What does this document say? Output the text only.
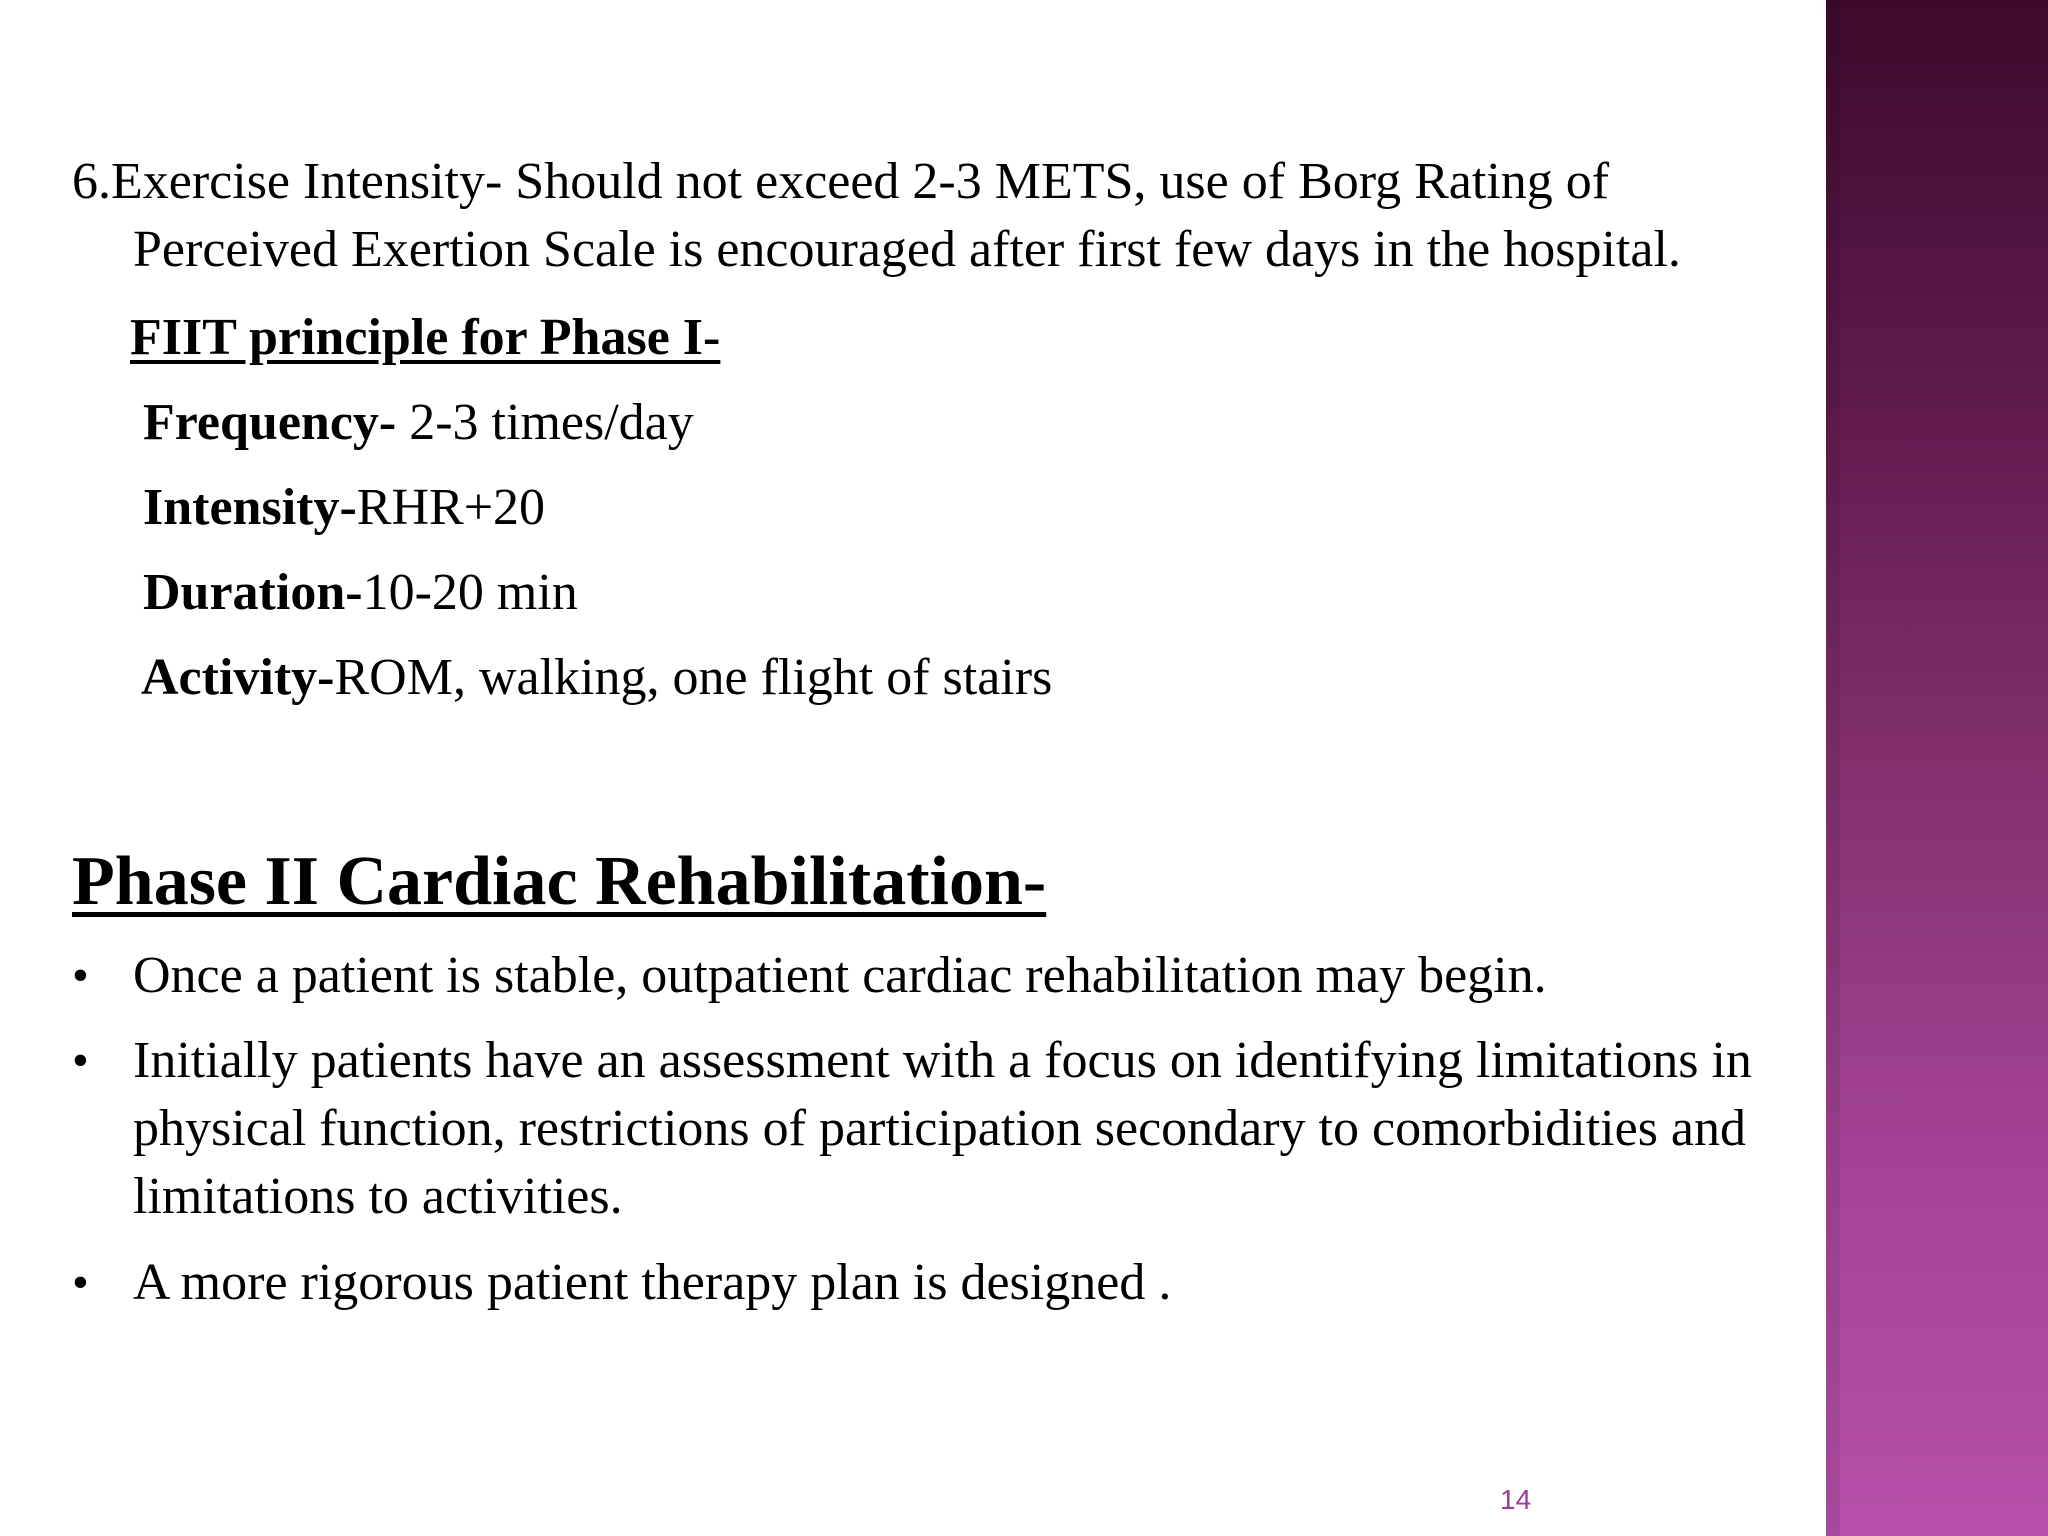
6.Exercise Intensity- Should not exceed 2-3 METS, use of Borg Rating of
Perceived Exertion Scale is encouraged after first few days in the hospital.
FIIT principle for Phase I-
Frequency- 2-3 times/day
Intensity-RHR+20
Duration-10-20 min
Activity-ROM, walking, one flight of stairs
Phase II Cardiac Rehabilitation-
• Once a patient is stable, outpatient cardiac rehabilitation may begin.
• Initially patients have an assessment with a focus on identifying limitations in
physical function, restrictions of participation secondary to comorbidities and
limitations to activities.
• A more rigorous patient therapy plan is designed .
14
